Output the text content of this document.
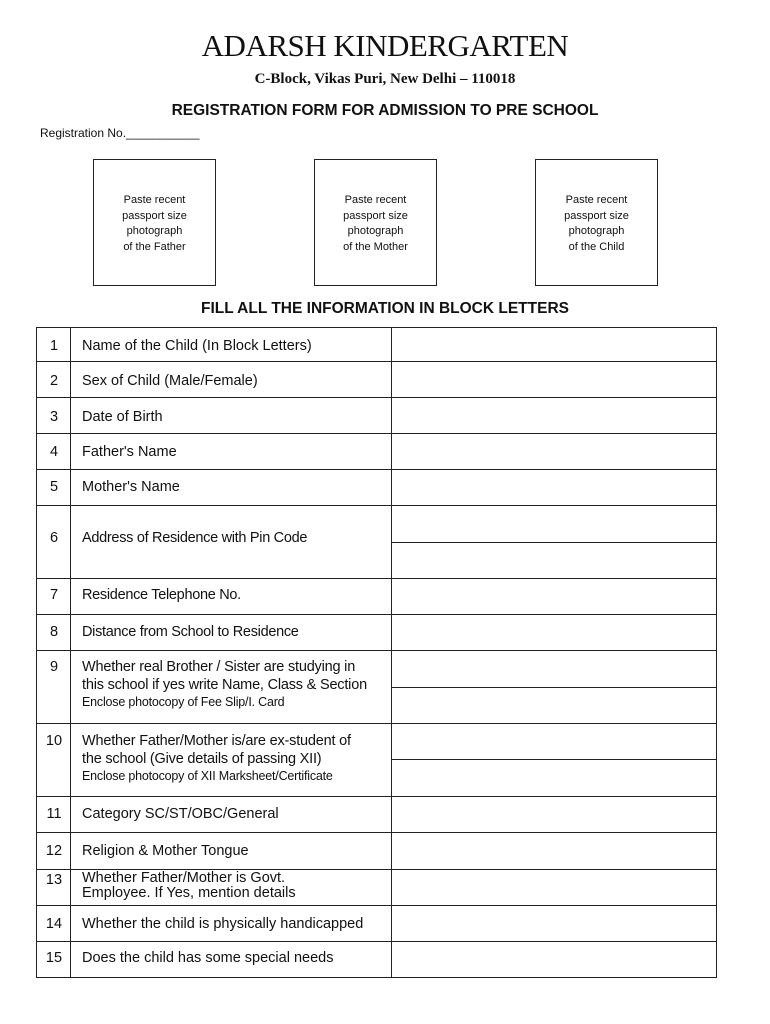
ADARSH KINDERGARTEN
C-Block, Vikas Puri, New Delhi – 110018
REGISTRATION FORM FOR ADMISSION TO PRE SCHOOL
Registration No.___________
Paste recent
passport size
photograph
of the Father
Paste recent
passport size
photograph
of the Mother
Paste recent
passport size
photograph
of the Child
FILL ALL THE INFORMATION IN BLOCK LETTERS
1	Name of the Child (In Block Letters)
2	Sex of Child (Male/Female)
3	Date of Birth
4	Father's Name
5	Mother's Name
6	Address of Residence with Pin Code
7	Residence Telephone No.
8	Distance from School to Residence
9	Whether real Brother / Sister are studying in
this school if yes write Name, Class & Section
Enclose photocopy of Fee Slip/I. Card
10	Whether Father/Mother is/are ex-student of
the school (Give details of passing XII)
Enclose photocopy of XII Marksheet/Certificate
11	Category SC/ST/OBC/General
12	Religion & Mother Tongue
13	Whether Father/Mother is Govt.
Employee. If Yes, mention details
14	Whether the child is physically handicapped
15	Does the child has some special needs
